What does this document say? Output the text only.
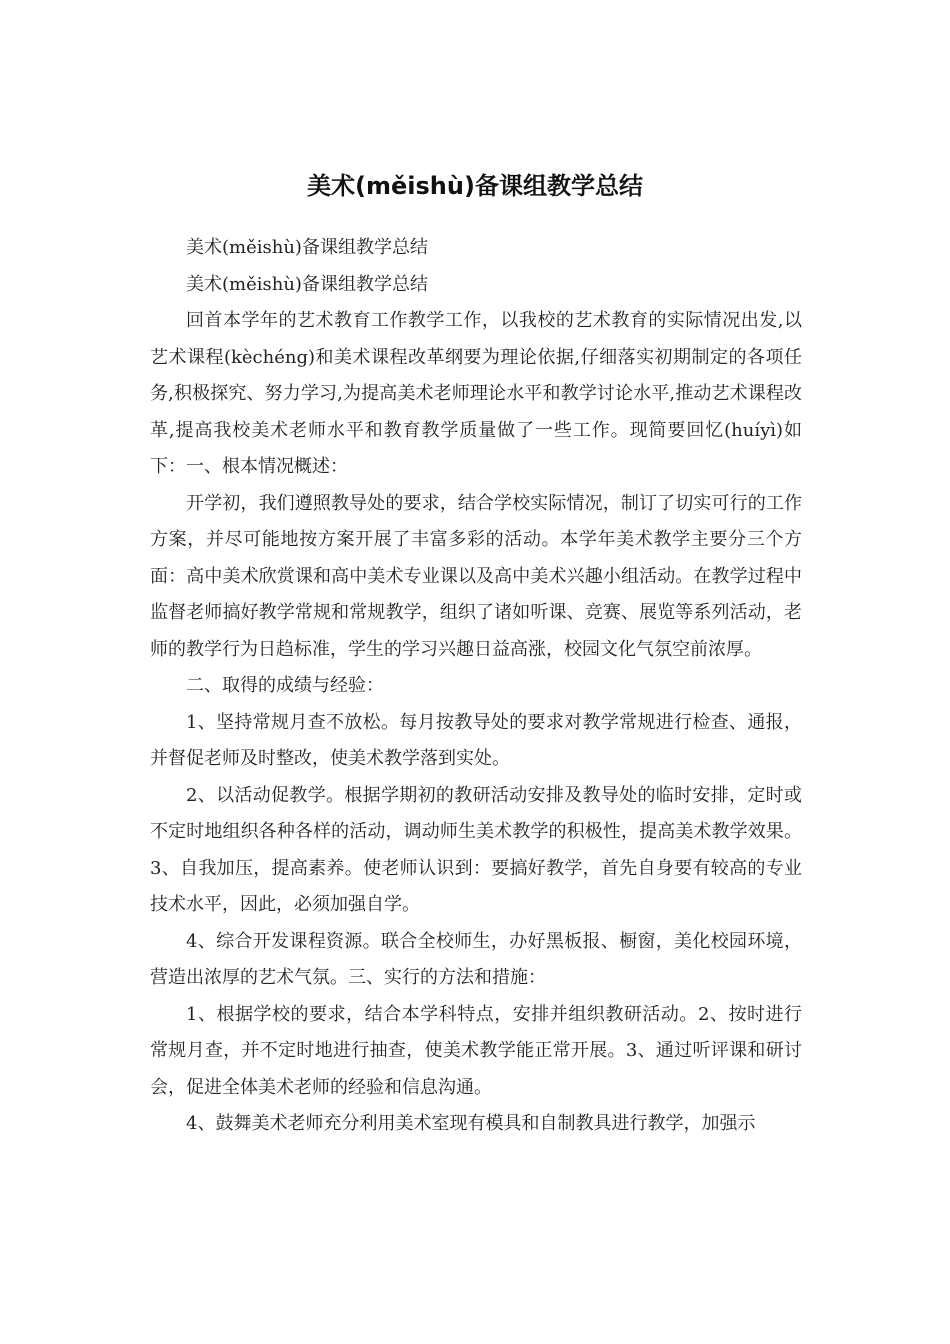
美术(měishù)备课组教学总结

美术(měishù)备课组教学总结

美术(měishù)备课组教学总结

回首本学年的艺术教育工作教学工作，以我校的艺术教育的实际情况出发,以艺术课程(kèchéng)和美术课程改革纲要为理论依据,仔细落实初期制定的各项任务,积极探究、努力学习,为提高美术老师理论水平和教学讨论水平,推动艺术课程改革,提高我校美术老师水平和教育教学质量做了一些工作。现简要回忆(huíyì)如下：一、根本情况概述：

开学初，我们遵照教导处的要求，结合学校实际情况，制订了切实可行的工作方案，并尽可能地按方案开展了丰富多彩的活动。本学年美术教学主要分三个方面：高中美术欣赏课和高中美术专业课以及高中美术兴趣小组活动。在教学过程中监督老师搞好教学常规和常规教学，组织了诸如听课、竞赛、展览等系列活动，老师的教学行为日趋标准，学生的学习兴趣日益高涨，校园文化气氛空前浓厚。

二、取得的成绩与经验：

1、坚持常规月查不放松。每月按教导处的要求对教学常规进行检查、通报，并督促老师及时整改，使美术教学落到实处。

2、以活动促教学。根据学期初的教研活动安排及教导处的临时安排，定时或不定时地组织各种各样的活动，调动师生美术教学的积极性，提高美术教学效果。3、自我加压，提高素养。使老师认识到：要搞好教学，首先自身要有较高的专业技术水平，因此，必须加强自学。

4、综合开发课程资源。联合全校师生，办好黑板报、橱窗，美化校园环境，营造出浓厚的艺术气氛。三、实行的方法和措施：

1、根据学校的要求，结合本学科特点，安排并组织教研活动。2、按时进行常规月查，并不定时地进行抽查，使美术教学能正常开展。3、通过听评课和研讨会，促进全体美术老师的经验和信息沟通。

4、鼓舞美术老师充分利用美术室现有模具和自制教具进行教学，加强示
